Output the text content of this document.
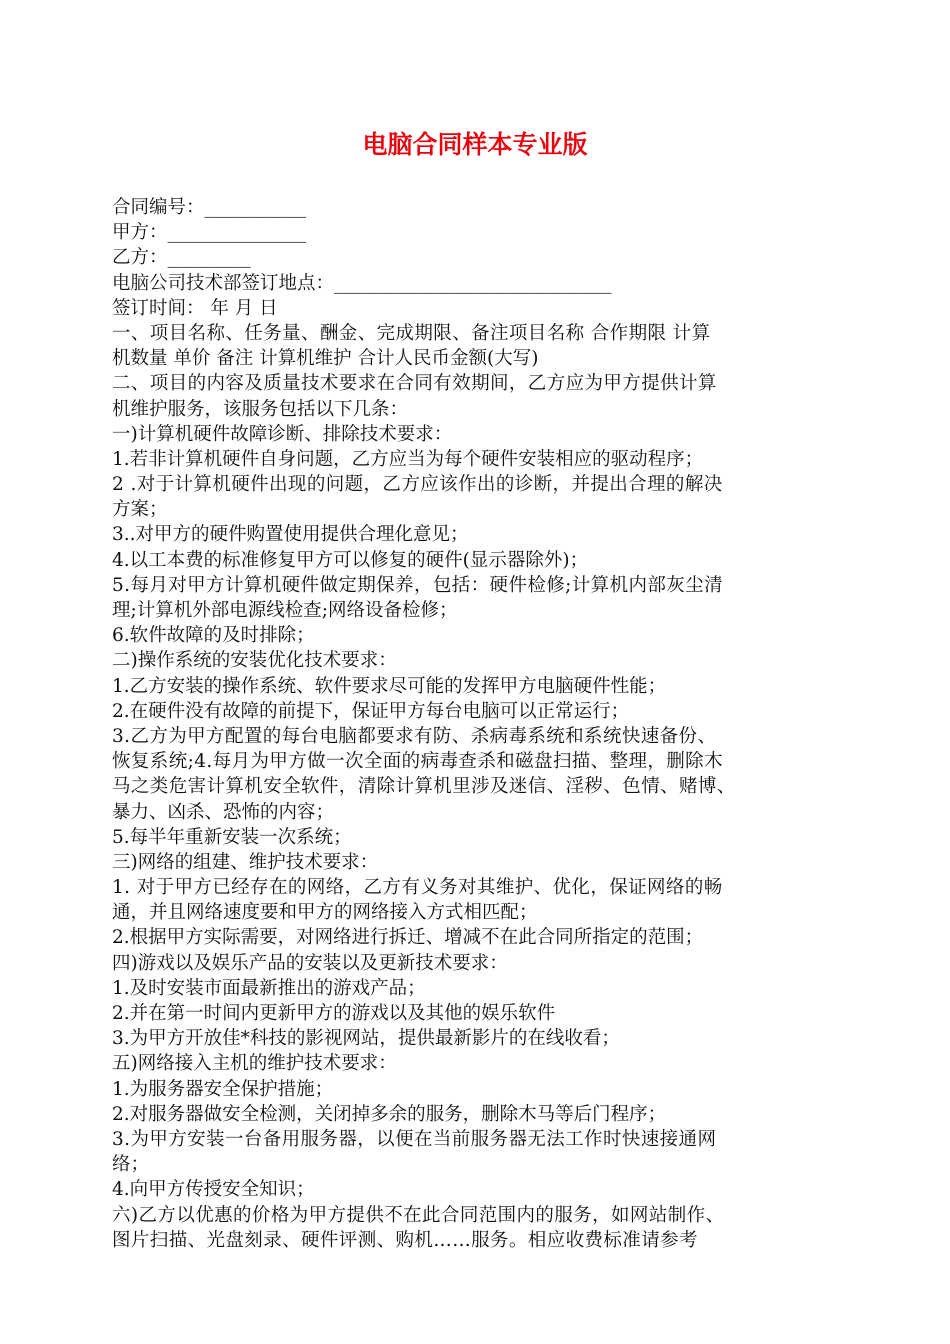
电脑合同样本专业版
合同编号：___________
甲方：_______________
乙方：_________
电脑公司技术部签订地点：______________________________
签订时间： 年 月 日
一、项目名称、任务量、酬金、完成期限、备注项目名称 合作期限 计算
机数量 单价 备注 计算机维护 合计人民币金额(大写)
二、项目的内容及质量技术要求在合同有效期间，乙方应为甲方提供计算
机维护服务，该服务包括以下几条：
一)计算机硬件故障诊断、排除技术要求：
1.若非计算机硬件自身问题，乙方应当为每个硬件安装相应的驱动程序；
2 .对于计算机硬件出现的问题，乙方应该作出的诊断，并提出合理的解决
方案；
3..对甲方的硬件购置使用提供合理化意见；
4.以工本费的标准修复甲方可以修复的硬件(显示器除外)；
5.每月对甲方计算机硬件做定期保养，包括：硬件检修;计算机内部灰尘清
理;计算机外部电源线检查;网络设备检修；
6.软件故障的及时排除；
二)操作系统的安装优化技术要求：
1.乙方安装的操作系统、软件要求尽可能的发挥甲方电脑硬件性能；
2.在硬件没有故障的前提下，保证甲方每台电脑可以正常运行；
3.乙方为甲方配置的每台电脑都要求有防、杀病毒系统和系统快速备份、
恢复系统;4.每月为甲方做一次全面的病毒查杀和磁盘扫描、整理，删除木
马之类危害计算机安全软件，清除计算机里涉及迷信、淫秽、色情、赌博、
暴力、凶杀、恐怖的内容；
5.每半年重新安装一次系统；
三)网络的组建、维护技术要求：
1. 对于甲方已经存在的网络，乙方有义务对其维护、优化，保证网络的畅
通，并且网络速度要和甲方的网络接入方式相匹配；
2.根据甲方实际需要，对网络进行拆迁、增减不在此合同所指定的范围；
四)游戏以及娱乐产品的安装以及更新技术要求：
1.及时安装市面最新推出的游戏产品；
2.并在第一时间内更新甲方的游戏以及其他的娱乐软件
3.为甲方开放佳*科技的影视网站，提供最新影片的在线收看；
五)网络接入主机的维护技术要求：
1.为服务器安全保护措施；
2.对服务器做安全检测，关闭掉多余的服务，删除木马等后门程序；
3.为甲方安装一台备用服务器，以便在当前服务器无法工作时快速接通网
络；
4.向甲方传授安全知识；
六)乙方以优惠的价格为甲方提供不在此合同范围内的服务，如网站制作、
图片扫描、光盘刻录、硬件评测、购机……服务。相应收费标准请参考
